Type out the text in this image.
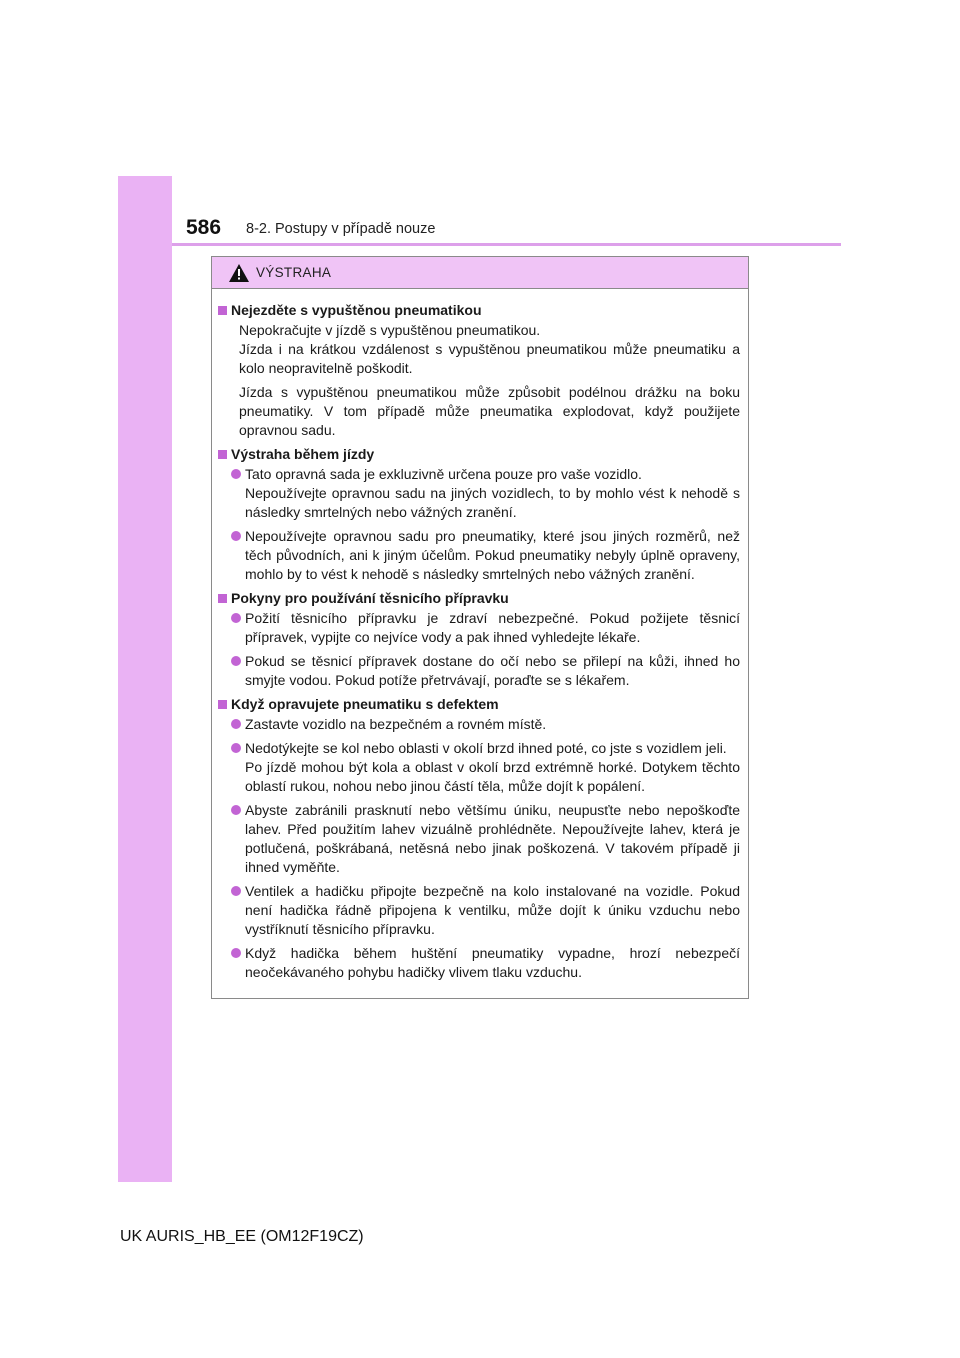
586 8-2. Postupy v případě nouze
VÝSTRAHA
Nejezděte s vypuštěnou pneumatikou
Nepokračujte v jízdě s vypuštěnou pneumatikou.
Jízda i na krátkou vzdálenost s vypuštěnou pneumatikou může pneumatiku a kolo neopravitelně poškodit.
Jízda s vypuštěnou pneumatikou může způsobit podélnou drážku na boku pneumatiky. V tom případě může pneumatika explodovat, když použijete opravnou sadu.
Výstraha během jízdy
Tato opravná sada je exkluzivně určena pouze pro vaše vozidlo.
Nepoužívejte opravnou sadu na jiných vozidlech, to by mohlo vést k nehodě s následky smrtelných nebo vážných zranění.
Nepoužívejte opravnou sadu pro pneumatiky, které jsou jiných rozměrů, než těch původních, ani k jiným účelům. Pokud pneumatiky nebyly úplně opraveny, mohlo by to vést k nehodě s následky smrtelných nebo vážných zranění.
Pokyny pro používání těsnicího přípravku
Požití těsnicího přípravku je zdraví nebezpečné. Pokud požijete těsnicí přípravek, vypijte co nejvíce vody a pak ihned vyhledejte lékaře.
Pokud se těsnicí přípravek dostane do očí nebo se přilepí na kůži, ihned ho smyjte vodou. Pokud potíže přetrvávají, poraďte se s lékařem.
Když opravujete pneumatiku s defektem
Zastavte vozidlo na bezpečném a rovném místě.
Nedotýkejte se kol nebo oblasti v okolí brzd ihned poté, co jste s vozidlem jeli.
Po jízdě mohou být kola a oblast v okolí brzd extrémně horké. Dotykem těchto oblastí rukou, nohou nebo jinou částí těla, může dojít k popálení.
Abyste zabránili prasknutí nebo většímu úniku, neupusťte nebo nepoškoďte lahev. Před použitím lahev vizuálně prohlédněte. Nepoužívejte lahev, která je potlučená, poškrábaná, netěsná nebo jinak poškozená. V takovém případě ji ihned vyměňte.
Ventilek a hadičku připojte bezpečně na kolo instalované na vozidle. Pokud není hadička řádně připojena k ventilku, může dojít k úniku vzduchu nebo vystříknutí těsnicího přípravku.
Když hadička během huštění pneumatiky vypadne, hrozí nebezpečí neočekávaného pohybu hadičky vlivem tlaku vzduchu.
UK AURIS_HB_EE (OM12F19CZ)
